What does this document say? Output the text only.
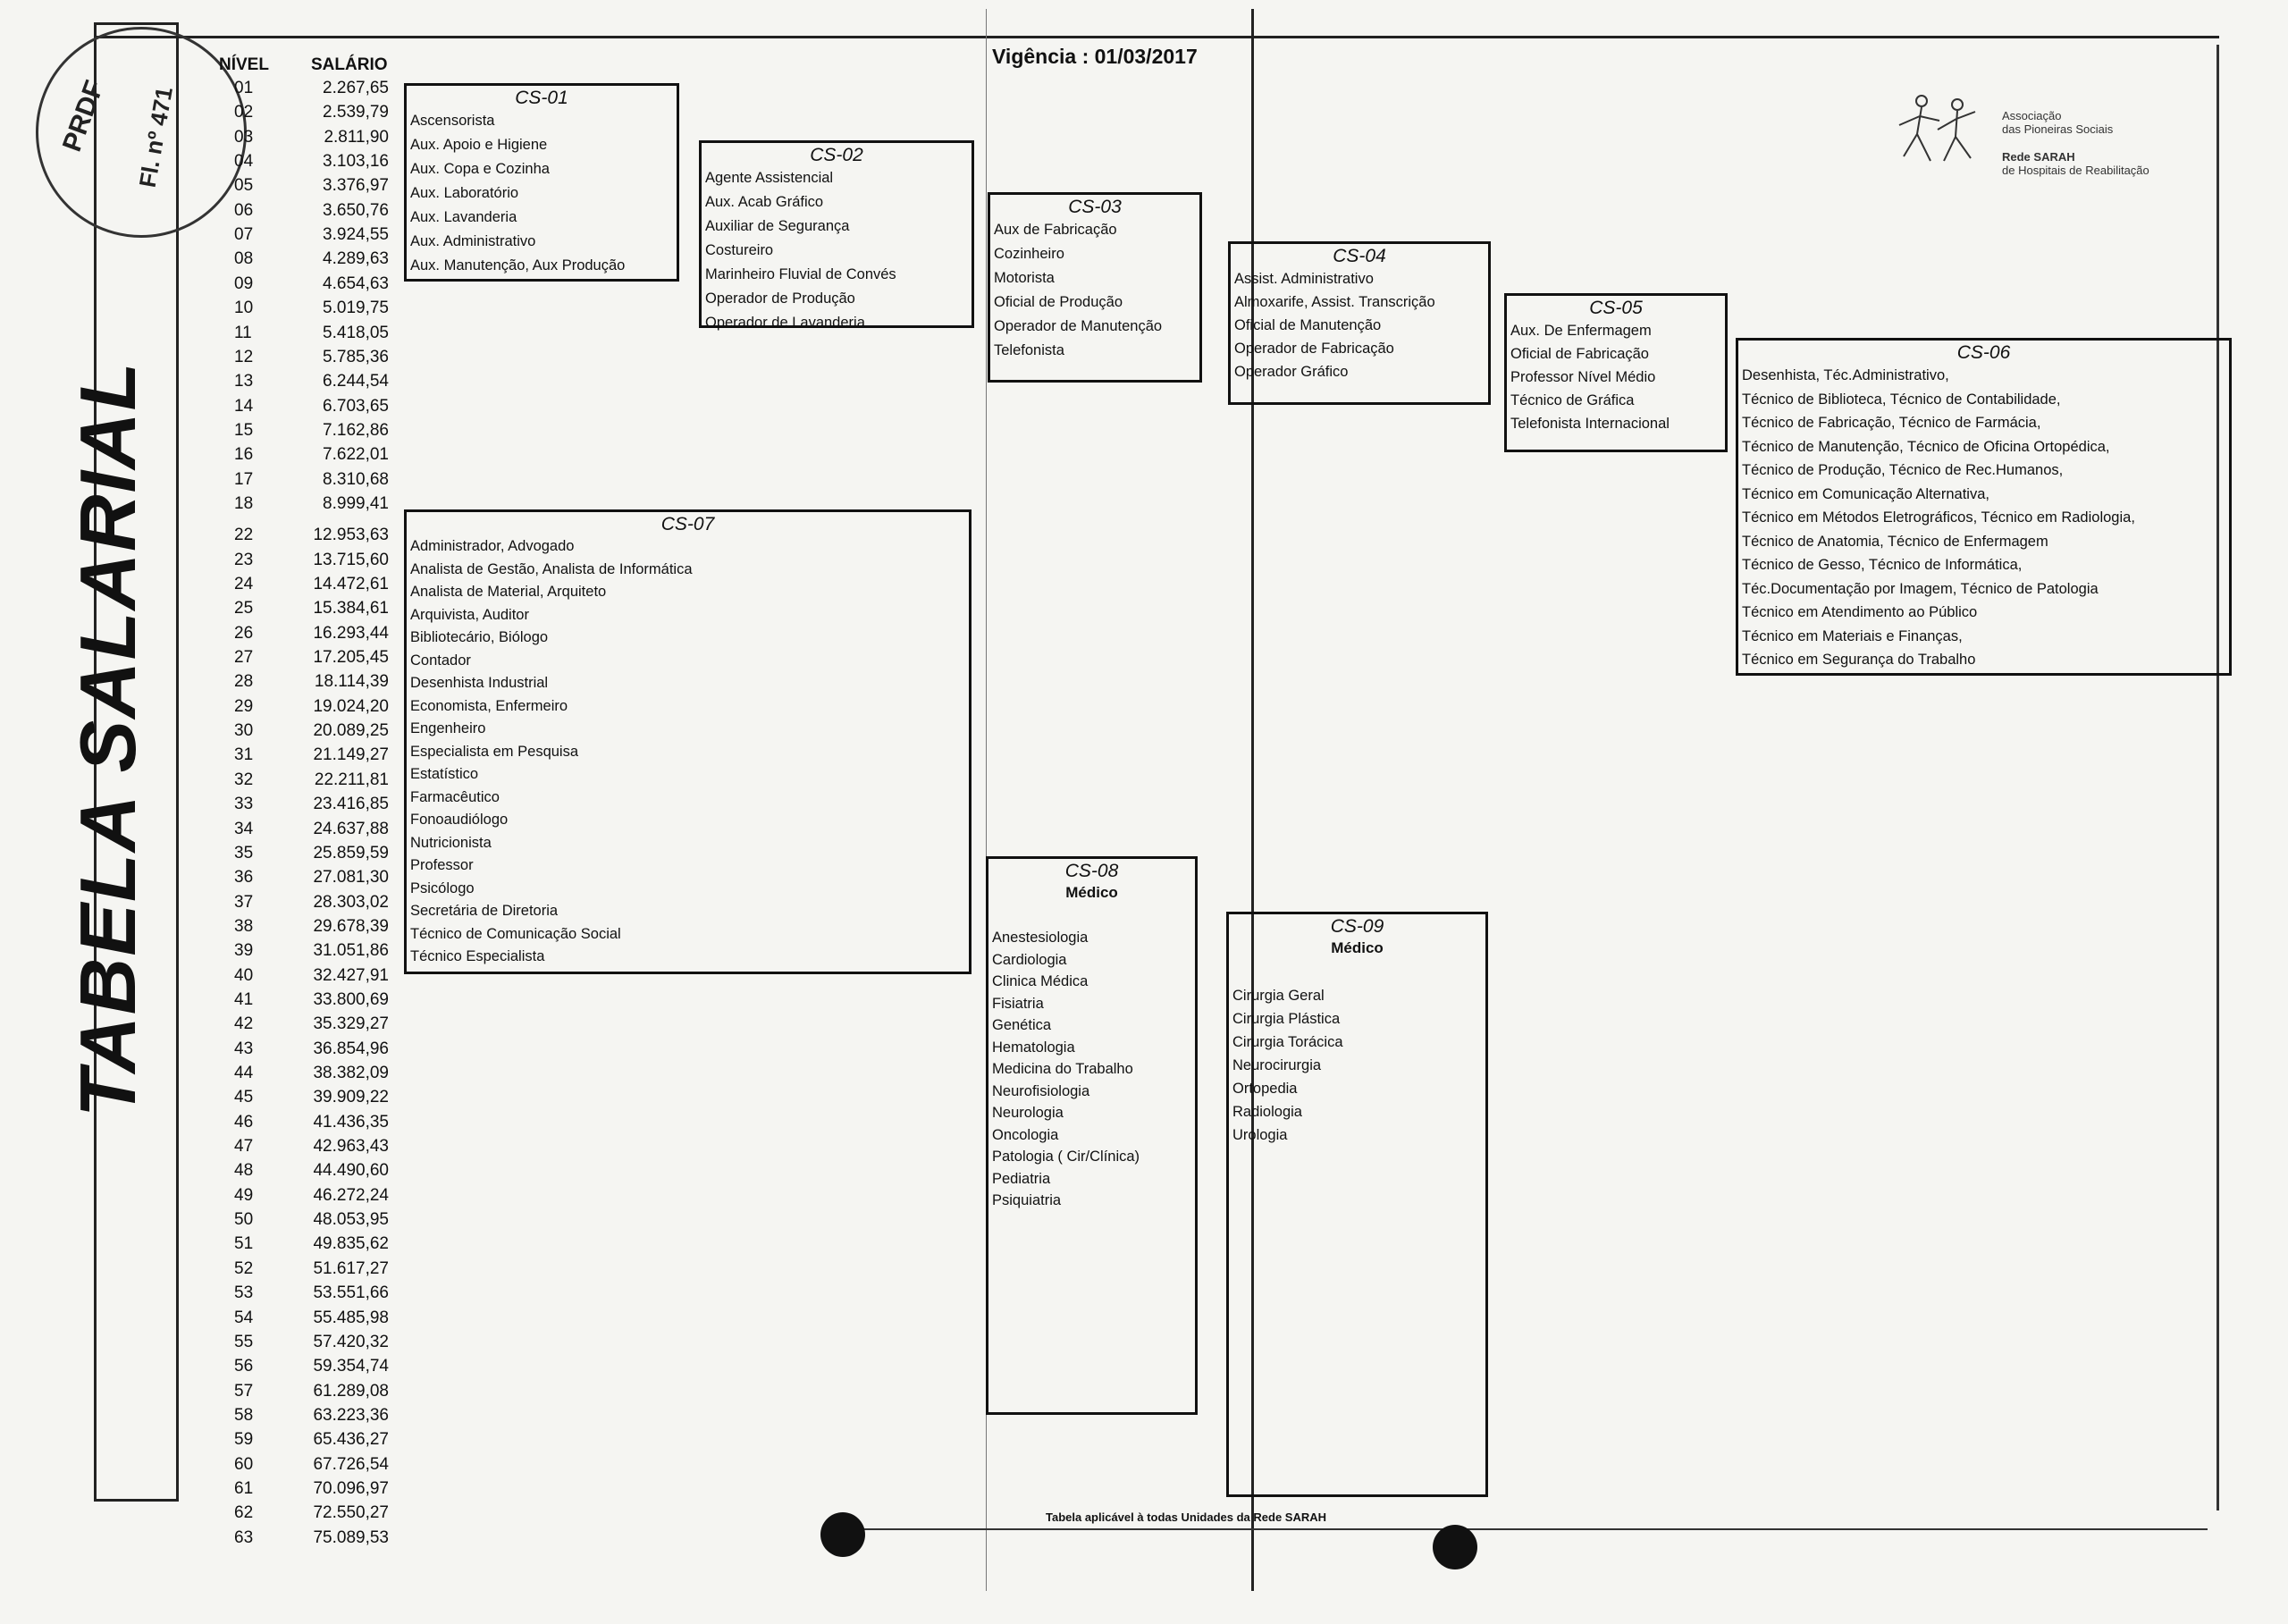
PRDF Fl. nº 471
TABELA SALARIAL
Vigência : 01/03/2017
NÍVEL SALÁRIO
Associação
das Pioneiras Sociais
Rede SARAH
de Hospitais de Reabilitação
01	2.267,65
02	2.539,79
03	2.811,90
04	3.103,16
05	3.376,97
06	3.650,76
07	3.924,55
08	4.289,63
09	4.654,63
10	5.019,75
11	5.418,05
12	5.785,36
13	6.244,54
14	6.703,65
15	7.162,86
16	7.622,01
17	8.310,68
18	8.999,41
22	12.953,63
23	13.715,60
24	14.472,61
25	15.384,61
26	16.293,44
27	17.205,45
28	18.114,39
29	19.024,20
30	20.089,25
31	21.149,27
32	22.211,81
33	23.416,85
34	24.637,88
35	25.859,59
36	27.081,30
37	28.303,02
38	29.678,39
39	31.051,86
40	32.427,91
41	33.800,69
42	35.329,27
43	36.854,96
44	38.382,09
45	39.909,22
46	41.436,35
47	42.963,43
48	44.490,60
49	46.272,24
50	48.053,95
51	49.835,62
52	51.617,27
53	53.551,66
54	55.485,98
55	57.420,32
56	59.354,74
57	61.289,08
58	63.223,36
59	65.436,27
60	67.726,54
61	70.096,97
62	72.550,27
63	75.089,53
CS-01
Ascensorista
Aux. Apoio e Higiene
Aux. Copa e Cozinha
Aux. Laboratório
Aux. Lavanderia
Aux. Administrativo
Aux. Manutenção, Aux Produção
CS-02
Agente Assistencial
Aux. Acab Gráfico
Auxiliar de Segurança
Costureiro
Marinheiro Fluvial de Convés
Operador de Produção
Operador de Lavanderia
CS-03
Aux de Fabricação
Cozinheiro
Motorista
Oficial de Produção
Operador de Manutenção
Telefonista
CS-04
Assist. Administrativo
Almoxarife, Assist. Transcrição
Oficial de Manutenção
Operador de Fabricação
Operador Gráfico
CS-05
Aux. De Enfermagem
Oficial de Fabricação
Professor Nível Médio
Técnico de Gráfica
Telefonista Internacional
CS-06
Desenhista, Téc.Administrativo,
Técnico de Biblioteca, Técnico de Contabilidade,
Técnico de Fabricação, Técnico de Farmácia,
Técnico de Manutenção, Técnico de Oficina Ortopédica,
Técnico de Produção, Técnico de Rec.Humanos,
Técnico em Comunicação Alternativa,
Técnico em Métodos Eletrográficos, Técnico em Radiologia,
Técnico de Anatomia, Técnico de Enfermagem
Técnico de Gesso, Técnico de Informática,
Téc.Documentação por Imagem, Técnico de Patologia
Técnico em Atendimento ao Público
Técnico em Materiais e Finanças,
Técnico em Segurança do Trabalho
CS-07
Administrador, Advogado
Analista de Gestão, Analista de Informática
Analista de Material, Arquiteto
Arquivista, Auditor
Bibliotecário, Biólogo
Contador
Desenhista Industrial
Economista, Enfermeiro
Engenheiro
Especialista em Pesquisa
Estatístico
Farmacêutico
Fonoaudiólogo
Nutricionista
Professor
Psicólogo
Secretária de Diretoria
Técnico de Comunicação Social
Técnico Especialista
CS-08
Médico
Anestesiologia
Cardiologia
Clinica Médica
Fisiatria
Genética
Hematologia
Medicina do Trabalho
Neurofisiologia
Neurologia
Oncologia
Patologia ( Cir/Clínica)
Pediatria
Psiquiatria
CS-09
Médico
Cirurgia Geral
Cirurgia Plástica
Cirurgia Torácica
Neurocirurgia
Ortopedia
Radiologia
Urologia
Tabela aplicável à todas Unidades da Rede SARAH
